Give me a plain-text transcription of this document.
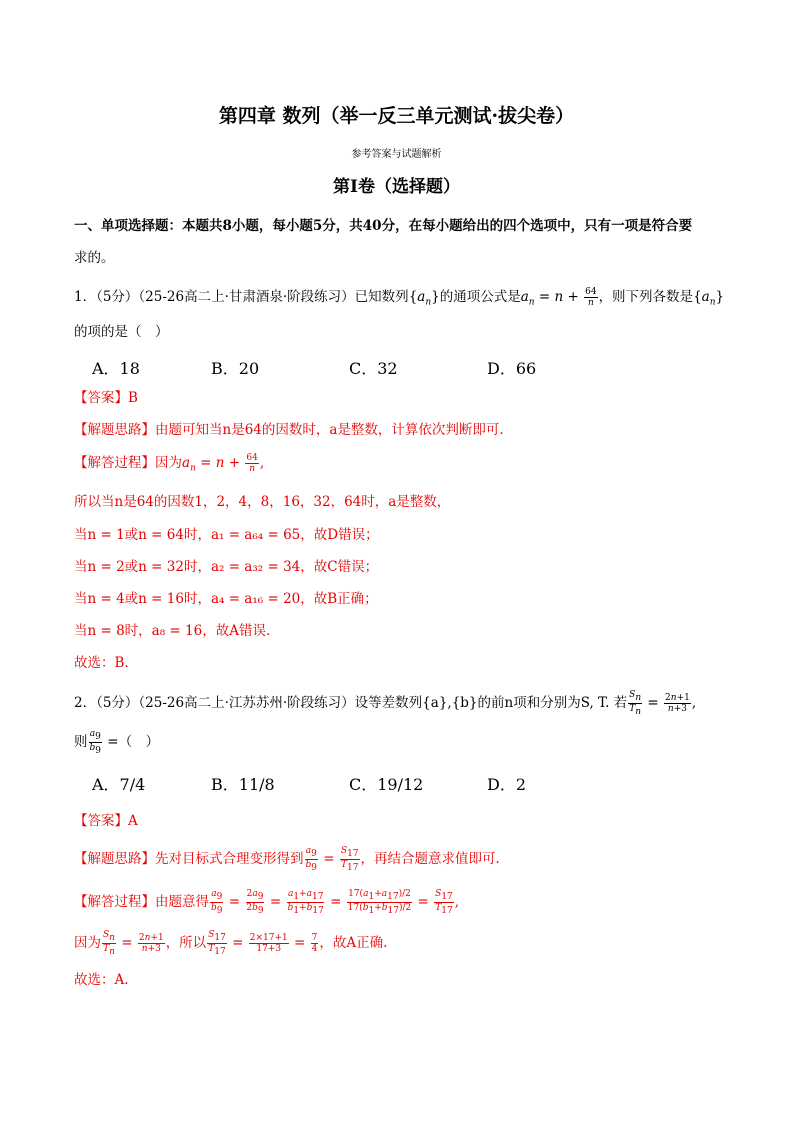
第四章 数列（举一反三单元测试·拔尖卷）
参考答案与试题解析
第I卷（选择题）
一、单项选择题：本题共8小题，每小题5分，共40分，在每小题给出的四个选项中，只有一项是符合要
求的。
1．（5分）（25-26高二上·甘肃酒泉·阶段练习）已知数列$\{a_n\}$的通项公式是$a_n = n + \frac{64}{n}$ ，则下列各数是$\{a_n\}$
的项的是（　）
A．18	B．20	C．32	D．66
【答案】B
【解题思路】由题可知当n是64的因数时，a是整数，计算依次判断即可.
【解答过程】因为$a_n = n + \frac{64}{n}$ ,
所以当n是64的因数1，2，4，8，16，32，64时，a是整数，
当n = 1或n = 64时，a₁ = a₆₄ = 65，故D错误；
当n = 2或n = 32时，a₂ = a₃₂ = 34，故C错误；
当n = 4或n = 16时，a₄ = a₁₆ = 20，故B正确；
当n = 8时，a₈ = 16，故A错误.
故选：B.
2．（5分）（25-26高二上·江苏苏州·阶段练习）设等差数列{a},{b}的前n项和分别为S, T. 若 $\frac{S_n}{T_n} = \frac{2n+1}{n+3}$ ,
则 $\frac{a_9}{b_9}$ =（　）
A．7/4	B．11/8	C．19/12	D．2
【答案】A
【解题思路】先对目标式合理变形得到 $\frac{a_9}{b_9} = \frac{S_{17}}{T_{17}}$ ，再结合题意求值即可.
【解答过程】由题意得 $\frac{a_9}{b_9} = \frac{2a_9}{2b_9} = \frac{a_1+a_{17}}{b_1+b_{17}} = \frac{17(a_1+a_{17})/2}{17(b_1+b_{17})/2} = \frac{S_{17}}{T_{17}}$ ,
因为 $\frac{S_n}{T_n} = \frac{2n+1}{n+3}$ ，所以 $\frac{S_{17}}{T_{17}} = \frac{2\times 17+1}{17+3} = \frac{7}{4}$ ，故A正确.
故选：A.
